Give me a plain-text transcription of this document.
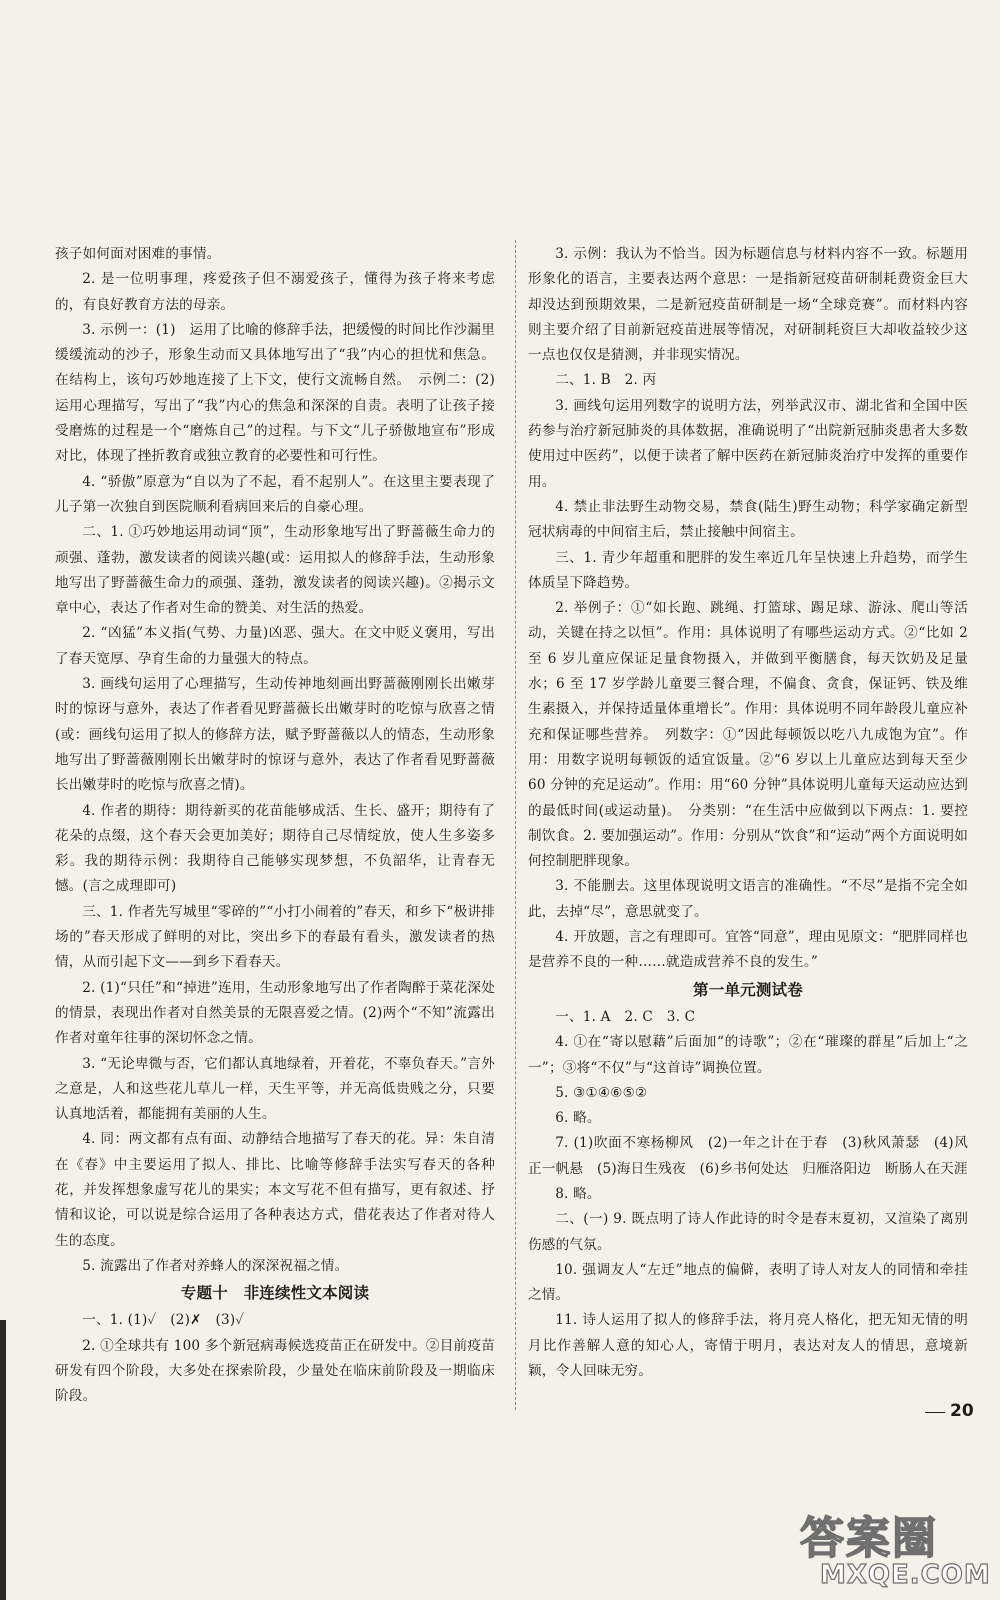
孩子如何面对困难的事情。

2. 是一位明事理，疼爱孩子但不溺爱孩子，懂得为孩子将来考虑的，有良好教育方法的母亲。

3. 示例一：(1)　运用了比喻的修辞手法，把缓慢的时间比作沙漏里缓缓流动的沙子，形象生动而又具体地写出了“我”内心的担忧和焦急。在结构上，该句巧妙地连接了上下文，使行文流畅自然。　示例二：(2)　运用心理描写，写出了“我”内心的焦急和深深的自责。表明了让孩子接受磨炼的过程是一个“磨炼自己”的过程。与下文“儿子骄傲地宣布”形成对比，体现了挫折教育或独立教育的必要性和可行性。

4. “骄傲”原意为“自以为了不起，看不起别人”。在这里主要表现了儿子第一次独自到医院顺利看病回来后的自豪心理。

二、1. ①巧妙地运用动词“顶”，生动形象地写出了野蔷薇生命力的顽强、蓬勃，激发读者的阅读兴趣(或：运用拟人的修辞手法，生动形象地写出了野蔷薇生命力的顽强、蓬勃，激发读者的阅读兴趣)。②揭示文章中心，表达了作者对生命的赞美、对生活的热爱。

2. “凶猛”本义指(气势、力量)凶恶、强大。在文中贬义褒用，写出了春天宽厚、孕育生命的力量强大的特点。

3. 画线句运用了心理描写，生动传神地刻画出野蔷薇刚刚长出嫩芽时的惊讶与意外，表达了作者看见野蔷薇长出嫩芽时的吃惊与欣喜之情(或：画线句运用了拟人的修辞方法，赋予野蔷薇以人的情态，生动形象地写出了野蔷薇刚刚长出嫩芽时的惊讶与意外，表达了作者看见野蔷薇长出嫩芽时的吃惊与欣喜之情)。

4. 作者的期待：期待新买的花苗能够成活、生长、盛开；期待有了花朵的点缀，这个春天会更加美好；期待自己尽情绽放，使人生多姿多彩。我的期待示例：我期待自己能够实现梦想，不负韶华，让青春无憾。(言之成理即可)

三、1. 作者先写城里“零碎的”“小打小闹着的”春天，和乡下“极讲排场的”春天形成了鲜明的对比，突出乡下的春最有看头，激发读者的热情，从而引起下文——到乡下看春天。

2. (1)“只任”和“掉进”连用，生动形象地写出了作者陶醉于菜花深处的情景，表现出作者对自然美景的无限喜爱之情。(2)两个“不知”流露出作者对童年往事的深切怀念之情。

3. “无论卑微与否，它们都认真地绿着，开着花，不辜负春天。”言外之意是，人和这些花儿草儿一样，天生平等，并无高低贵贱之分，只要认真地活着，都能拥有美丽的人生。

4. 同：两文都有点有面、动静结合地描写了春天的花。异：朱自清在《春》中主要运用了拟人、排比、比喻等修辞手法实写春天的各种花，并发挥想象虚写花儿的果实；本文写花不但有描写，更有叙述、抒情和议论，可以说是综合运用了各种表达方式，借花表达了作者对待人生的态度。

5. 流露出了作者对养蜂人的深深祝福之情。

专题十　非连续性文本阅读

一、1. (1)✓　(2)✗　(3)✓

2. ①全球共有 100 多个新冠病毒候选疫苗正在研发中。②目前疫苗研发有四个阶段，大多处在探索阶段，少量处在临床前阶段及一期临床阶段。

3. 示例：我认为不恰当。因为标题信息与材料内容不一致。标题用形象化的语言，主要表达两个意思：一是指新冠疫苗研制耗费资金巨大却没达到预期效果，二是新冠疫苗研制是一场“全球竞赛”。而材料内容则主要介绍了目前新冠疫苗进展等情况，对研制耗资巨大却收益较少这一点也仅仅是猜测，并非现实情况。

二、1. B　2. 丙

3. 画线句运用列数字的说明方法，列举武汉市、湖北省和全国中医药参与治疗新冠肺炎的具体数据，准确说明了“出院新冠肺炎患者大多数使用过中医药”，以便于读者了解中医药在新冠肺炎治疗中发挥的重要作用。

4. 禁止非法野生动物交易，禁食(陆生)野生动物；科学家确定新型冠状病毒的中间宿主后，禁止接触中间宿主。

三、1. 青少年超重和肥胖的发生率近几年呈快速上升趋势，而学生体质呈下降趋势。

2. 举例子：①“如长跑、跳绳、打篮球、踢足球、游泳、爬山等活动，关键在持之以恒”。作用：具体说明了有哪些运动方式。②“比如 2 至 6 岁儿童应保证足量食物摄入，并做到平衡膳食，每天饮奶及足量水；6 至 17 岁学龄儿童要三餐合理，不偏食、贪食，保证钙、铁及维生素摄入，并保持适量体重增长”。作用：具体说明不同年龄段儿童应补充和保证哪些营养。　列数字：①“因此每顿饭以吃八九成饱为宜”。作用：用数字说明每顿饭的适宜饭量。②“6 岁以上儿童应达到每天至少 60 分钟的充足运动”。作用：用“60 分钟”具体说明儿童每天运动应达到的最低时间(或运动量)。　分类别：“在生活中应做到以下两点：1. 要控制饮食。2. 要加强运动”。作用：分别从“饮食”和“运动”两个方面说明如何控制肥胖现象。

3. 不能删去。这里体现说明文语言的准确性。“不尽”是指不完全如此，去掉“尽”，意思就变了。

4. 开放题，言之有理即可。宜答“同意”，理由见原文：“肥胖同样也是营养不良的一种……就造成营养不良的发生。”

第一单元测试卷

一、1. A　2. C　3. C

4. ①在“寄以慰藉”后面加“的诗歌”；②在“璀璨的群星”后加上“之一”；③将“不仅”与“这首诗”调换位置。

5. ③①④⑥⑤②

6. 略。

7. (1)吹面不寒杨柳风　(2)一年之计在于春　(3)秋风萧瑟　(4)风正一帆悬　(5)海日生残夜　(6)乡书何处达　归雁洛阳边　断肠人在天涯

8. 略。

二、(一) 9. 既点明了诗人作此诗的时令是春末夏初，又渲染了离别伤感的气氛。

10. 强调友人“左迁”地点的偏僻，表明了诗人对友人的同情和牵挂之情。

11. 诗人运用了拟人的修辞手法，将月亮人格化，把无知无情的明月比作善解人意的知心人，寄情于明月，表达对友人的情思，意境新颖，令人回味无穷。

20
答案圈
MXQE.COM
